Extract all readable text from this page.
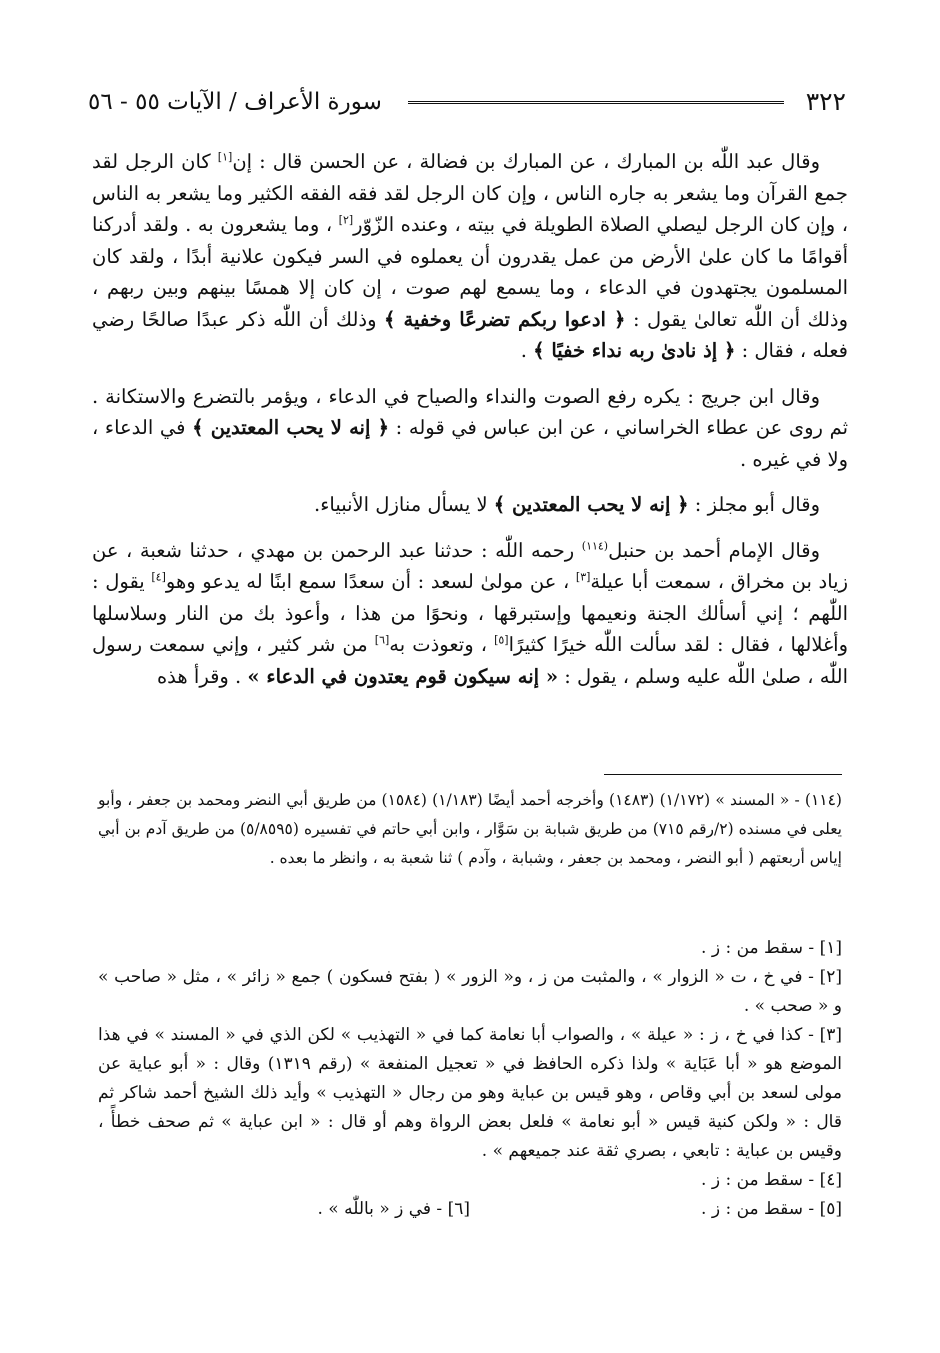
٣٢٢
سورة الأعراف / الآيات ٥٥ - ٥٦

وقال عبد اللّٰه بن المبارك ، عن المبارك بن فضالة ، عن الحسن قال : إن[١] كان الرجل لقد جمع القرآن وما يشعر به جاره الناس ، وإن كان الرجل لقد فقه الفقه الكثير وما يشعر به الناس ، وإن كان الرجل ليصلي الصلاة الطويلة في بيته ، وعنده الزّوّر[٢] ، وما يشعرون به . ولقد أدركنا أقوامًا ما كان علىٰ الأرض من عمل يقدرون أن يعملوه في السر فيكون علانية أبدًا ، ولقد كان المسلمون يجتهدون في الدعاء ، وما يسمع لهم صوت ، إن كان إلا همسًا بينهم وبين ربهم ، وذلك أن اللّٰه تعالىٰ يقول : ﴿ ادعوا ربكم تضرعًا وخفية ﴾ وذلك أن اللّٰه ذكر عبدًا صالحًا رضي فعله ، فقال : ﴿ إذ نادىٰ ربه نداء خفيًا ﴾ .

وقال ابن جريج : يكره رفع الصوت والنداء والصياح في الدعاء ، ويؤمر بالتضرع والاستكانة . ثم روى عن عطاء الخراساني ، عن ابن عباس في قوله : ﴿ إنه لا يحب المعتدين ﴾ في الدعاء ، ولا في غيره .

وقال أبو مجلز : ﴿ إنه لا يحب المعتدين ﴾ لا يسأل منازل الأنبياء.

وقال الإمام أحمد بن حنبل$^{(١١٤)}$ رحمه اللّٰه : حدثنا عبد الرحمن بن مهدي ، حدثنا شعبة ، عن زياد بن مخراق ، سمعت أبا عيلة[٣] ، عن مولىٰ لسعد : أن سعدًا سمع ابنًا له يدعو وهو[٤] يقول : اللّٰهم ؛ إني أسألك الجنة ونعيمها وإستبرقها ، ونحوًا من هذا ، وأعوذ بك من النار وسلاسلها وأغلالها ، فقال : لقد سألت اللّٰه خيرًا كثيرًا[٥] ، وتعوذت به[٦] من شر كثير ، وإني سمعت رسول اللّٰه ، صلىٰ اللّٰه عليه وسلم ، يقول : « إنه سيكون قوم يعتدون في الدعاء » . وقرأ هذه

(١١٤) - « المسند » (١/١٧٢) (١٤٨٣) وأخرجه أحمد أيضًا (١/١٨٣) (١٥٨٤) من طريق أبي النضر ومحمد بن جعفر ، وأبو يعلى في مسنده (٢/رقم ٧١٥) من طريق شبابة بن سَوَّار ، وابن أبي حاتم في تفسيره (٥/٨٥٩٥) من طريق آدم بن أبي إياس أربعتهم ( أبو النضر ، ومحمد بن جعفر ، وشبابة ، وآدم ) ثنا شعبة به ، وانظر ما بعده .

[١] - سقط من : ز .

[٢] - في خ ، ت « الزوار » ، والمثبت من ز ، و« الزور » ( بفتح فسكون ) جمع « زائر » ، مثل « صاحب » و « صحب » .

[٣] - كذا في خ ، ز : « عيلة » ، والصواب أبا نعامة كما في « التهذيب » لكن الذي في « المسند » في هذا الموضع هو « أبا عَبَاية » ولذا ذكره الحافظ في « تعجيل المنفعة » (رقم ١٣١٩) وقال : « أبو عباية عن مولى لسعد بن أبي وقاص ، وهو قيس بن عباية وهو من رجال « التهذيب » وأيد ذلك الشيخ أحمد شاكر ثم قال : « ولكن كنية قيس « أبو نعامة » فلعل بعض الرواة وهم أو قال : « ابن عباية » ثم صحف خطأً ، وقيس بن عباية : تابعي ، بصري ثقة عند جميعهم » .

[٤] - سقط من : ز .

[٥] - سقط من : ز .

[٦] - في ز « باللّٰه » .
